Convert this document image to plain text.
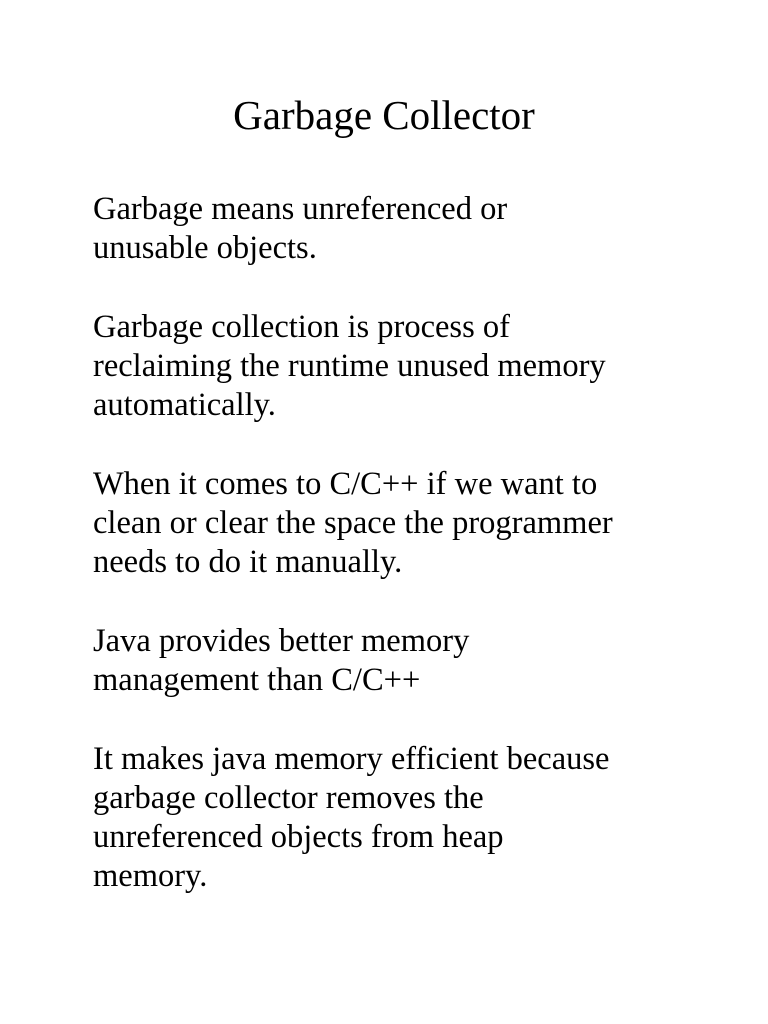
Garbage Collector

Garbage means unreferenced or
unusable objects.

Garbage collection is process of
reclaiming the runtime unused memory
automatically.

When it comes to C/C++ if we want to
clean or clear the space the programmer
needs to do it manually.

Java provides better memory
management than C/C++

It makes java memory efficient because
garbage collector removes the
unreferenced objects from heap
memory.
